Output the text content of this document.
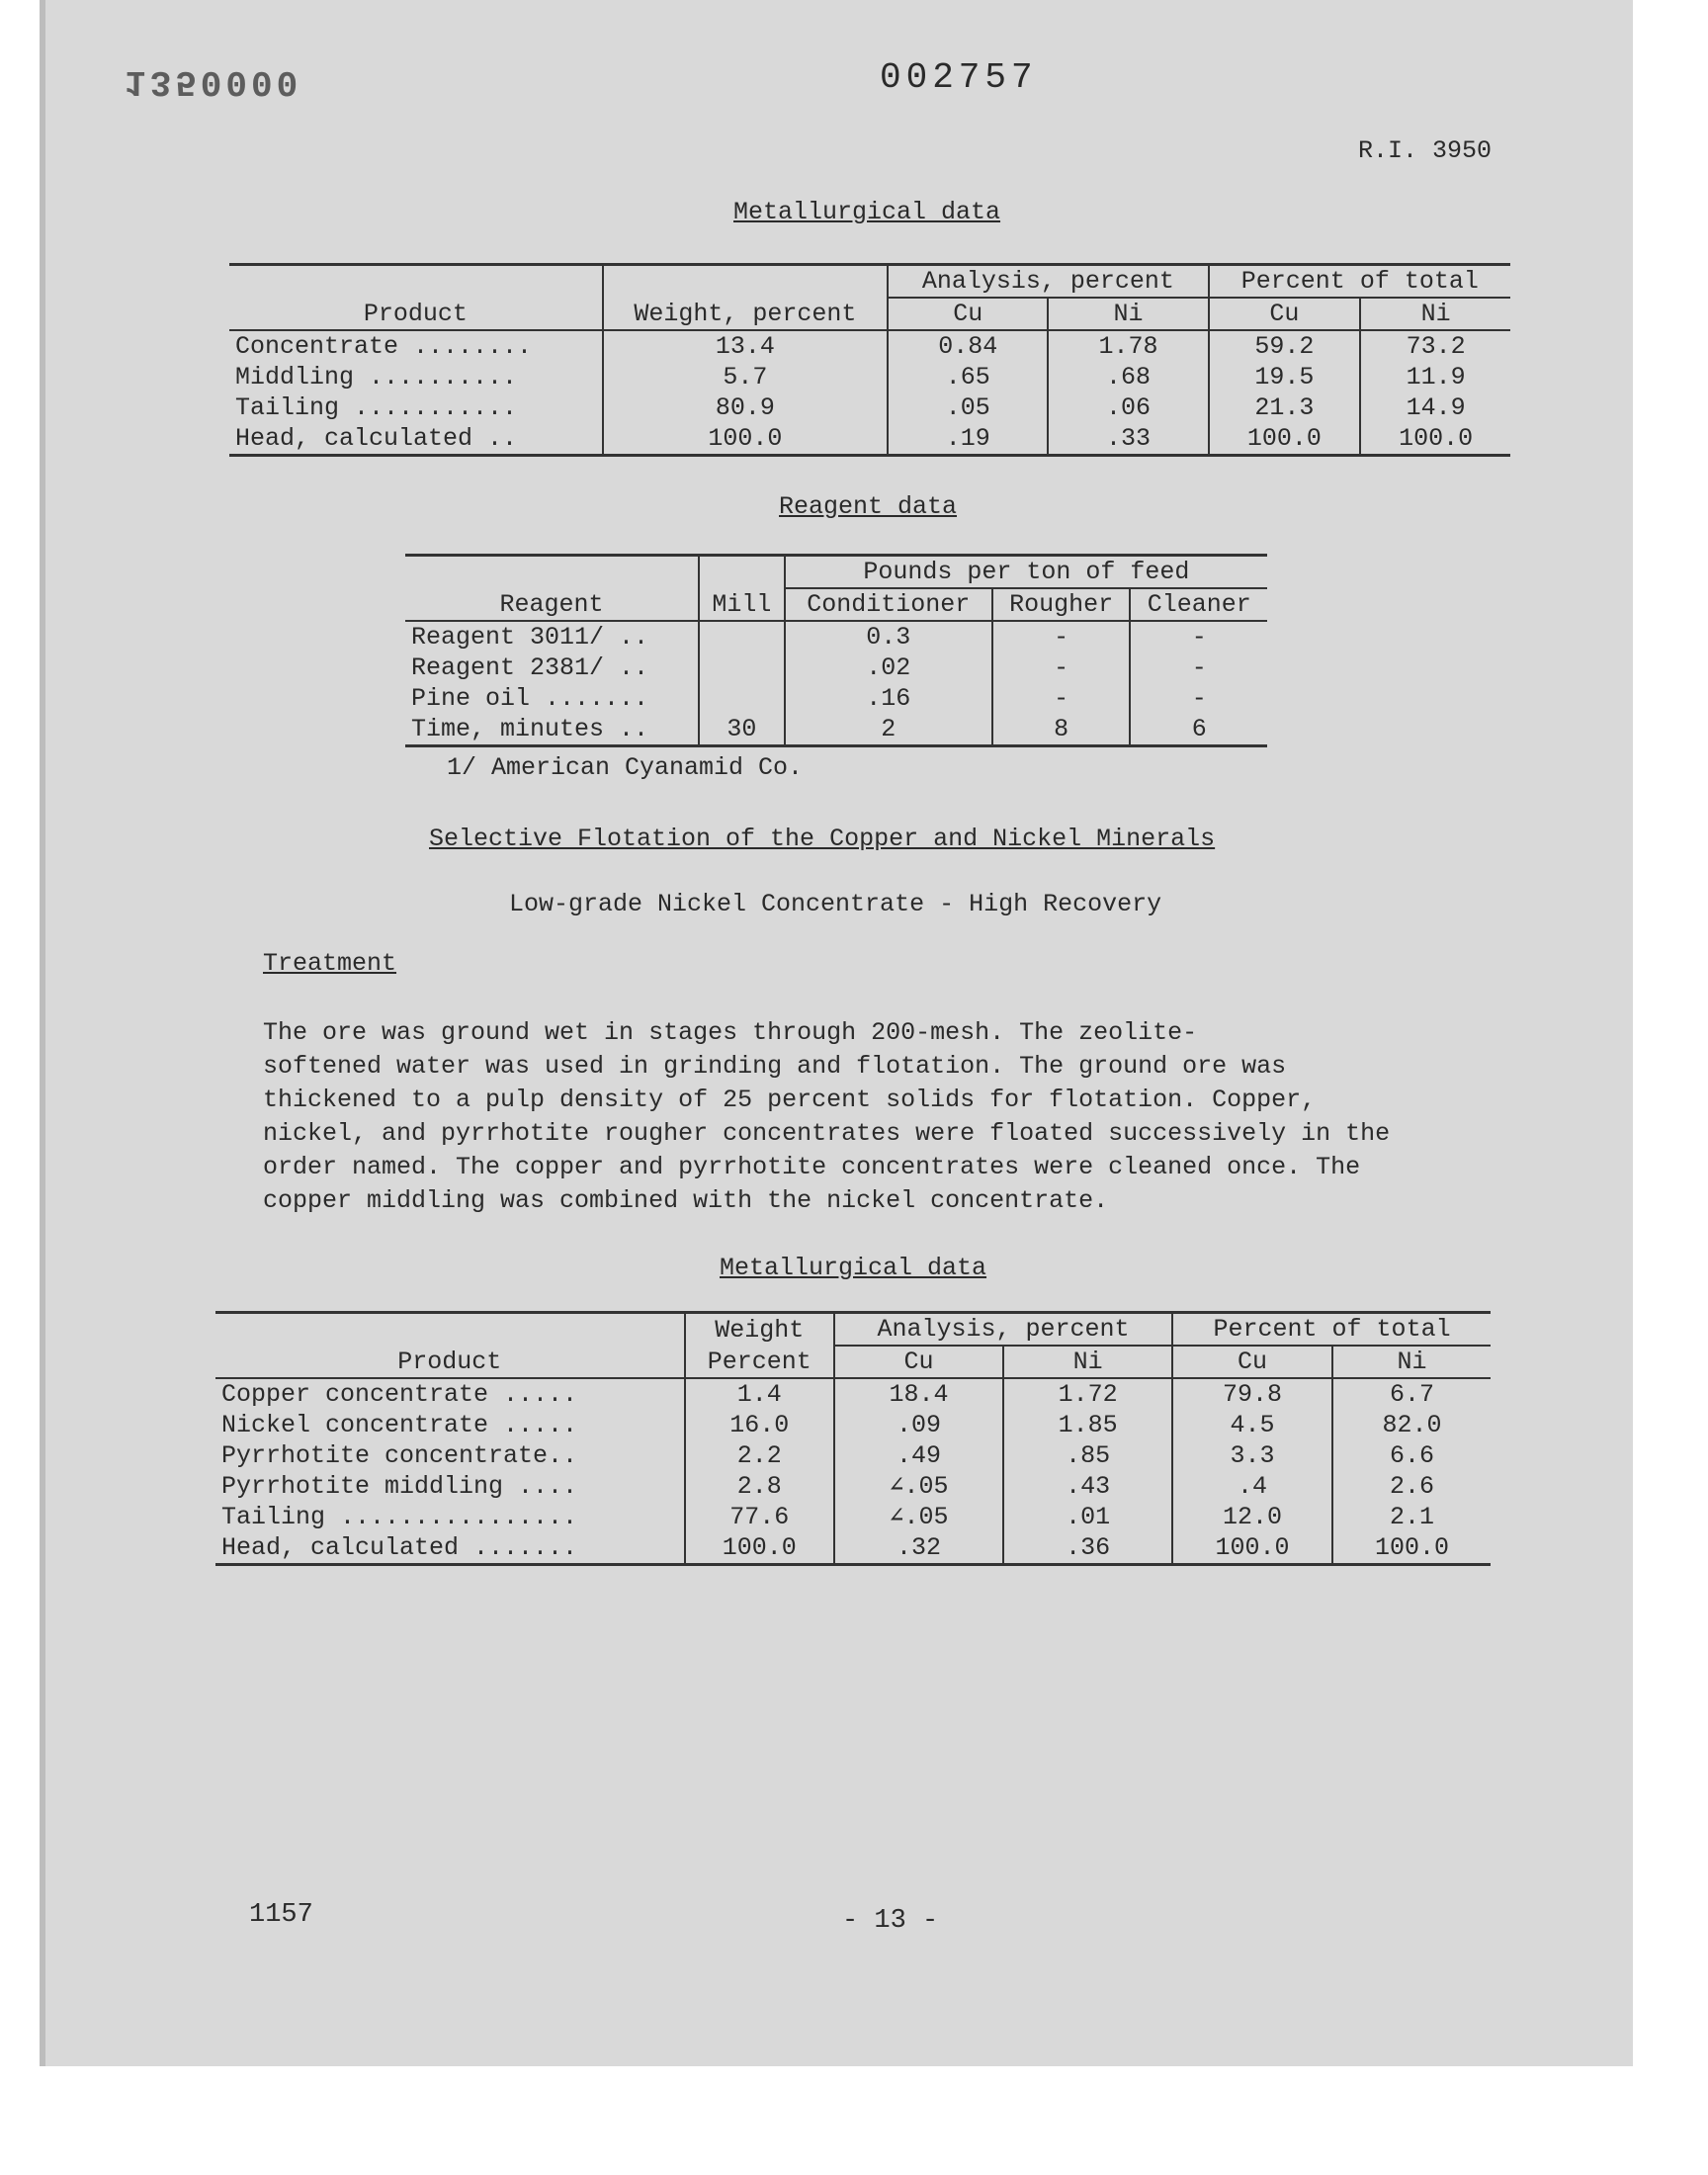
1350000	002757
R.I. 3950
Metallurgical data
		Analysis, percent		Percent of total	
Product	Weight, percent	Cu	Ni	Cu	Ni
Concentrate ........	13.4	0.84	1.78	59.2	73.2
Middling ..........	5.7	.65	.68	19.5	11.9
Tailing ...........	80.9	.05	.06	21.3	14.9
Head, calculated ..	100.0	.19	.33	100.0	100.0
Reagent data
		Pounds per ton of feed		
Reagent	Mill	Conditioner	Rougher	Cleaner
Reagent 3011/ ..		0.3	-	-
Reagent 2381/ ..		.02	-	-
Pine oil .......		.16	-	-
Time, minutes ..	30	2	8	6
1/ American Cyanamid Co.
Selective Flotation of the Copper and Nickel Minerals
Low-grade Nickel Concentrate - High Recovery
Treatment
The ore was ground wet in stages through 200-mesh. The zeolite-
softened water was used in grinding and flotation. The ground ore was
thickened to a pulp density of 25 percent solids for flotation. Copper,
nickel, and pyrrhotite rougher concentrates were floated successively in the
order named. The copper and pyrrhotite concentrates were cleaned once. The
copper middling was combined with the nickel concentrate.
Metallurgical data
	Weight	Analysis, percent		Percent of total	
Product	Percent	Cu	Ni	Cu	Ni
Copper concentrate .....	1.4	18.4	1.72	79.8	6.7
Nickel concentrate .....	16.0	.09	1.85	4.5	82.0
Pyrrhotite concentrate..	2.2	.49	.85	3.3	6.6
Pyrrhotite middling ....	2.8	∠.05	.43	.4	2.6
Tailing ................	77.6	∠.05	.01	12.0	2.1
Head, calculated .......	100.0	.32	.36	100.0	100.0
1157	- 13 -
